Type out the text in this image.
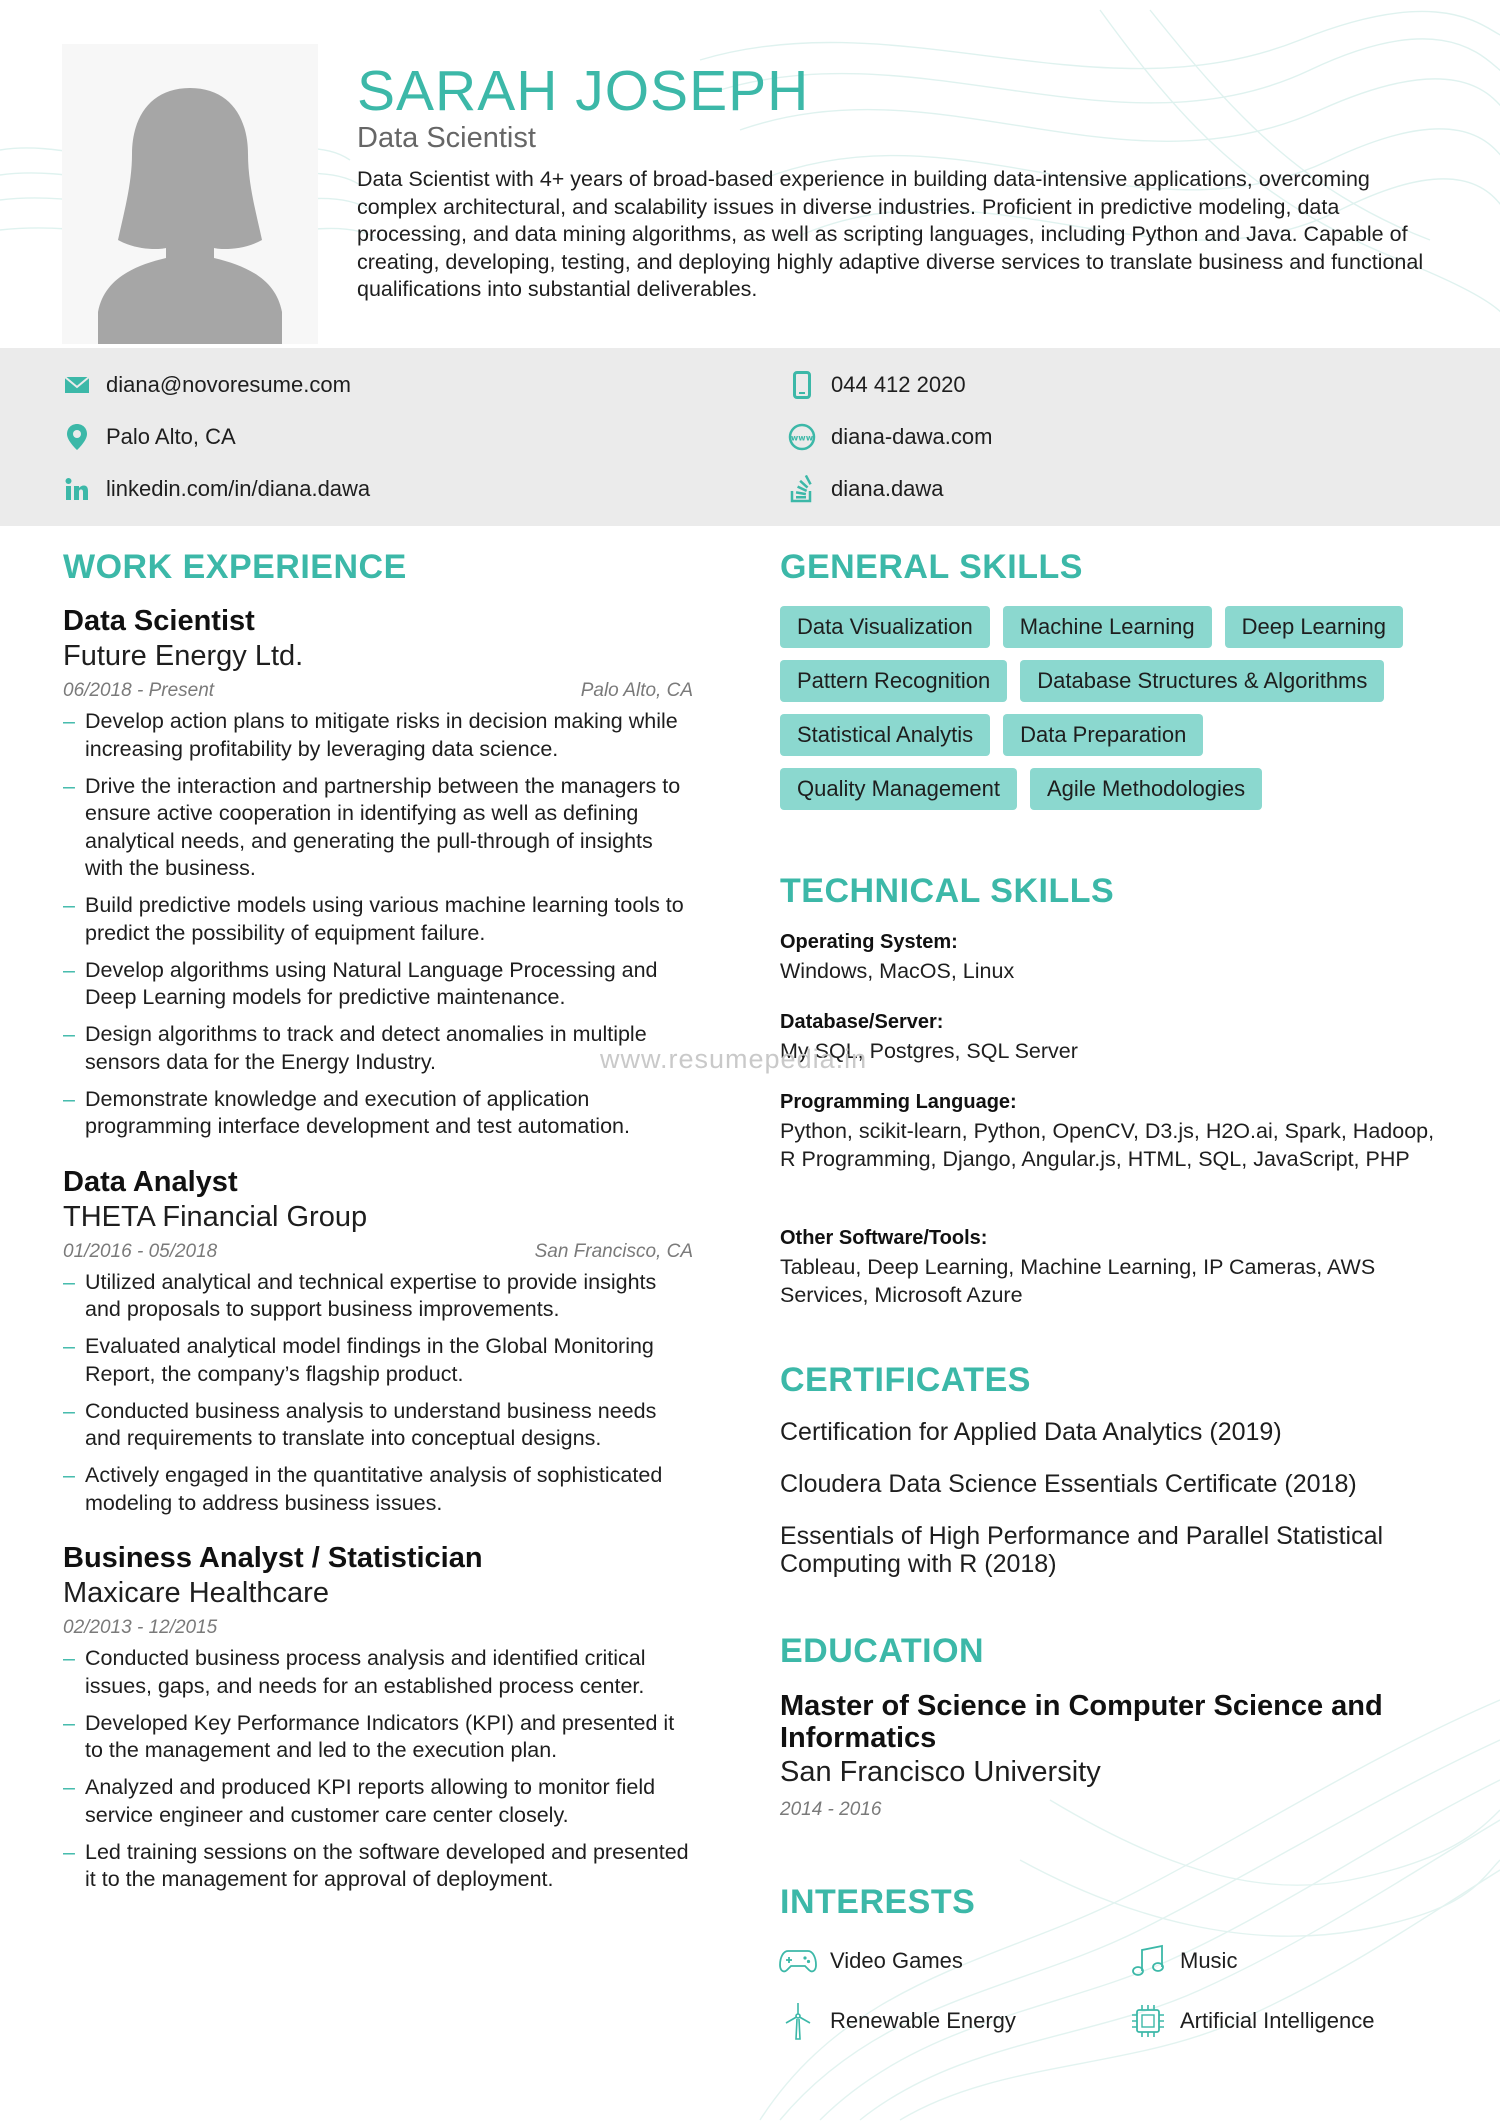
SARAH JOSEPH
Data Scientist
Data Scientist with 4+ years of broad-based experience in building data-intensive applications, overcoming complex architectural, and scalability issues in diverse industries. Proficient in predictive modeling, data processing, and data mining algorithms, as well as scripting languages, including Python and Java. Capable of creating, developing, testing, and deploying highly adaptive diverse services to translate business and functional qualifications into substantial deliverables.
diana@novoresume.com
Palo Alto, CA
linkedin.com/in/diana.dawa
044 412 2020
www diana-dawa.com
diana.dawa
WORK EXPERIENCE
Data Scientist
Future Energy Ltd.
06/2018 - Present	Palo Alto, CA
– Develop action plans to mitigate risks in decision making while increasing profitability by leveraging data science.
– Drive the interaction and partnership between the managers to ensure active cooperation in identifying as well as defining analytical needs, and generating the pull-through of insights with the business.
– Build predictive models using various machine learning tools to predict the possibility of equipment failure.
– Develop algorithms using Natural Language Processing and Deep Learning models for predictive maintenance.
– Design algorithms to track and detect anomalies in multiple sensors data for the Energy Industry.
– Demonstrate knowledge and execution of application programming interface development and test automation.
Data Analyst
THETA Financial Group
01/2016 - 05/2018	San Francisco, CA
– Utilized analytical and technical expertise to provide insights and proposals to support business improvements.
– Evaluated analytical model findings in the Global Monitoring Report, the company’s flagship product.
– Conducted business analysis to understand business needs and requirements to translate into conceptual designs.
– Actively engaged in the quantitative analysis of sophisticated modeling to address business issues.
Business Analyst / Statistician
Maxicare Healthcare
02/2013 - 12/2015
– Conducted business process analysis and identified critical issues, gaps, and needs for an established process center.
– Developed Key Performance Indicators (KPI) and presented it to the management and led to the execution plan.
– Analyzed and produced KPI reports allowing to monitor field service engineer and customer care center closely.
– Led training sessions on the software developed and presented it to the management for approval of deployment.
GENERAL SKILLS
Data Visualization	Machine Learning	Deep Learning
Pattern Recognition	Database Structures & Algorithms
Statistical Analytis	Data Preparation
Quality Management	Agile Methodologies
TECHNICAL SKILLS
Operating System:
Windows, MacOS, Linux
Database/Server:
My SQL, Postgres, SQL Server
Programming Language:
Python, scikit-learn, Python, OpenCV, D3.js, H2O.ai, Spark, Hadoop, R Programming, Django, Angular.js, HTML, SQL, JavaScript, PHP
Other Software/Tools:
Tableau, Deep Learning, Machine Learning, IP Cameras, AWS Services, Microsoft Azure
CERTIFICATES
Certification for Applied Data Analytics (2019)
Cloudera Data Science Essentials Certificate (2018)
Essentials of High Performance and Parallel Statistical Computing with R (2018)
EDUCATION
Master of Science in Computer Science and Informatics
San Francisco University
2014 - 2016
INTERESTS
Video Games	Music
Renewable Energy	Artificial Intelligence
www.resumepedia.in
